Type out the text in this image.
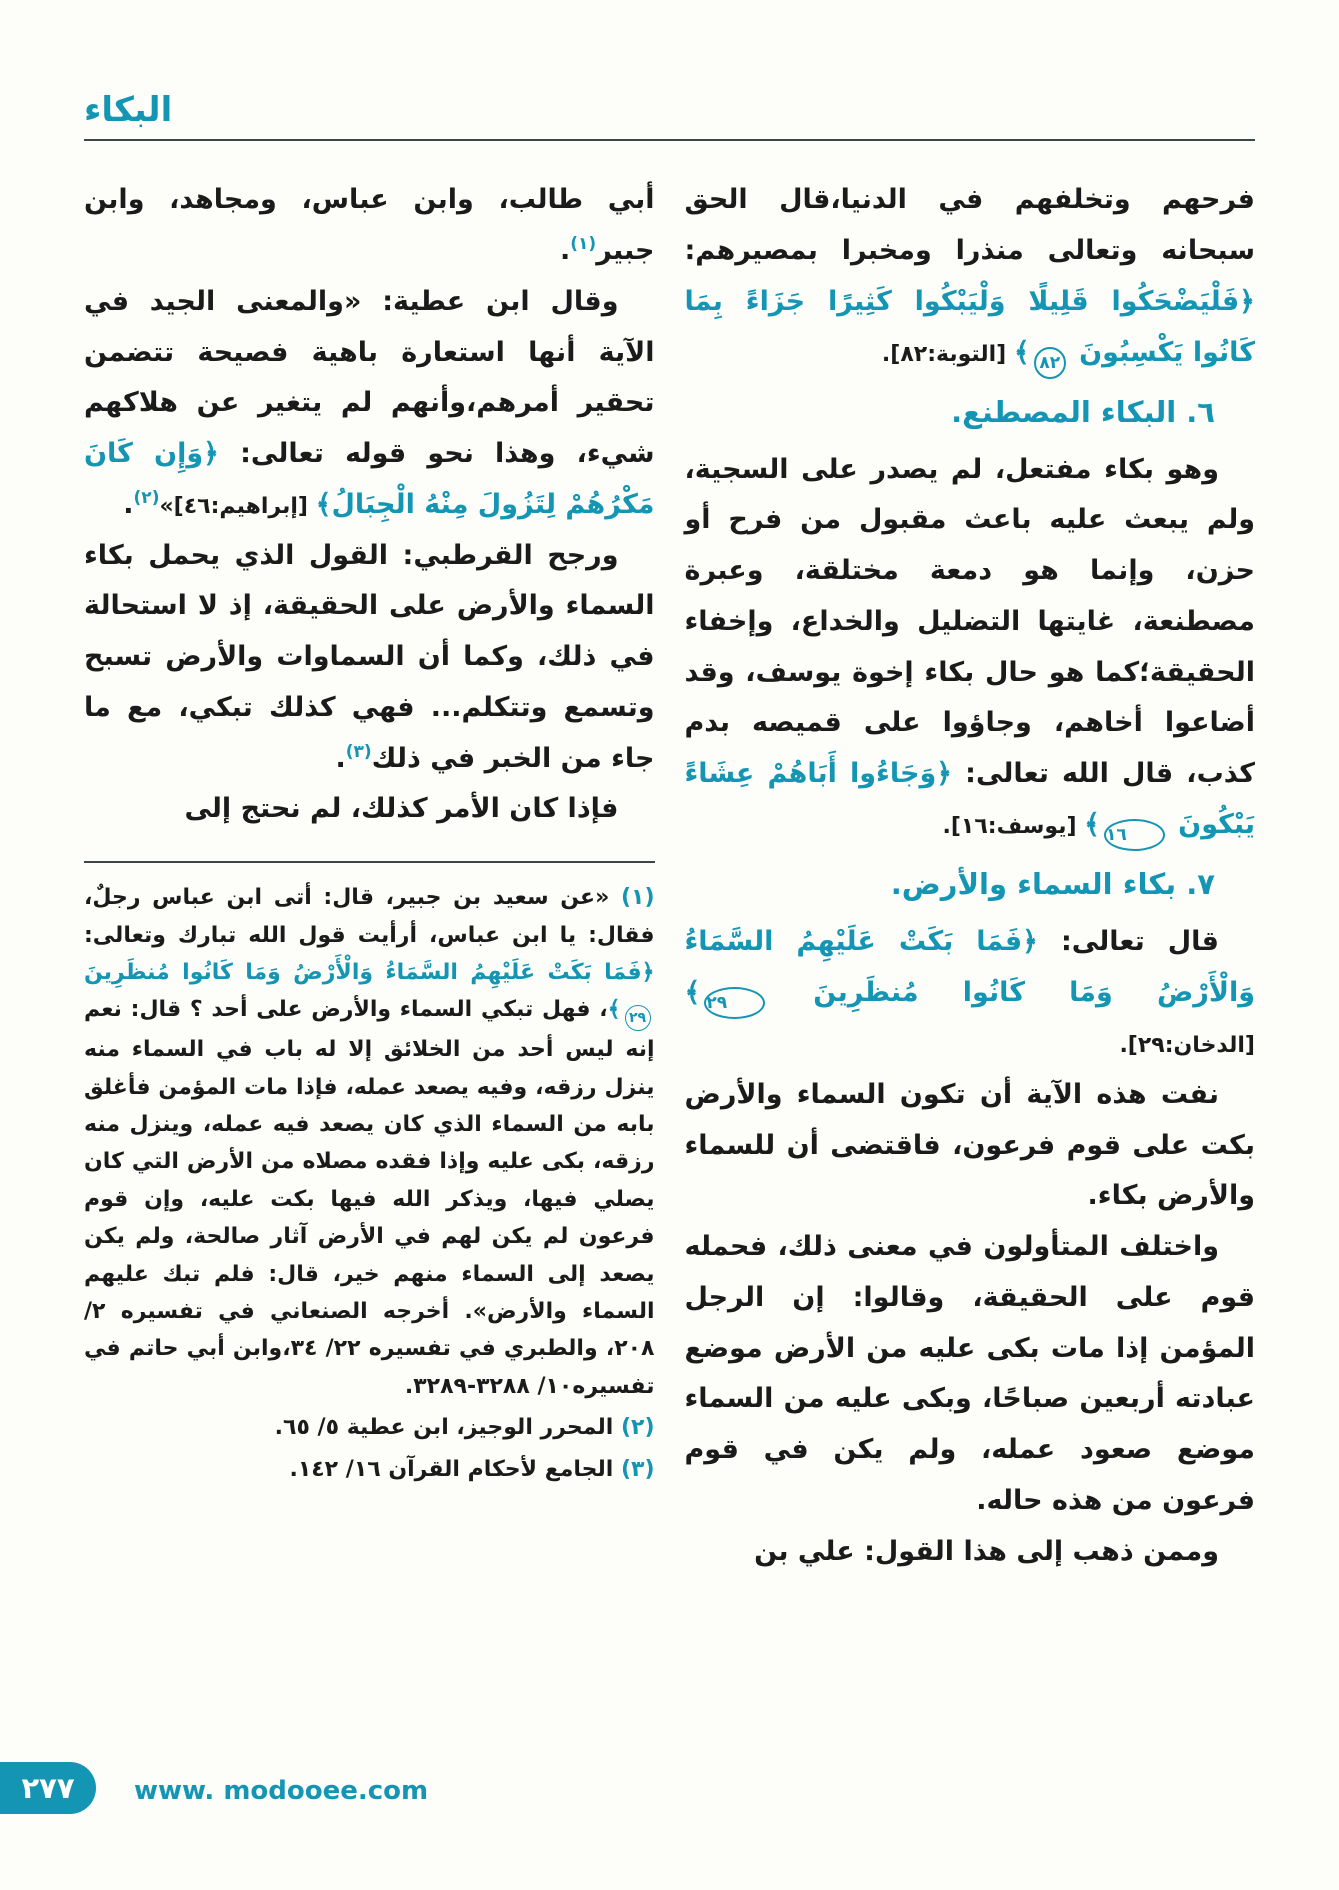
البكاء

فرحهم وتخلفهم في الدنيا،قال الحق سبحانه وتعالى منذرا ومخبرا بمصيرهم: ﴿فَلْيَضْحَكُوا قَلِيلًا وَلْيَبْكُوا كَثِيرًا جَزَاءً بِمَا كَانُوا يَكْسِبُونَ ٨٢﴾ [التوبة:٨٢].

٦. البكاء المصطنع.

وهو بكاء مفتعل، لم يصدر على السجية، ولم يبعث عليه باعث مقبول من فرح أو حزن، وإنما هو دمعة مختلقة، وعبرة مصطنعة، غايتها التضليل والخداع، وإخفاء الحقيقة؛كما هو حال بكاء إخوة يوسف، وقد أضاعوا أخاهم، وجاؤوا على قميصه بدم كذب، قال الله تعالى: ﴿وَجَاءُوا أَبَاهُمْ عِشَاءً يَبْكُونَ ١٦﴾ [يوسف:١٦].

٧. بكاء السماء والأرض.

قال تعالى: ﴿فَمَا بَكَتْ عَلَيْهِمُ السَّمَاءُ وَالْأَرْضُ وَمَا كَانُوا مُنظَرِينَ ٢٩﴾ [الدخان:٢٩].

نفت هذه الآية أن تكون السماء والأرض بكت على قوم فرعون، فاقتضى أن للسماء والأرض بكاء.

واختلف المتأولون في معنى ذلك، فحمله قوم على الحقيقة، وقالوا: إن الرجل المؤمن إذا مات بكى عليه من الأرض موضع عبادته أربعين صباحًا، وبكى عليه من السماء موضع صعود عمله، ولم يكن في قوم فرعون من هذه حاله.

وممن ذهب إلى هذا القول: علي بن

أبي طالب، وابن عباس، ومجاهد، وابن جبير$^{(١)}$.

وقال ابن عطية: «والمعنى الجيد في الآية أنها استعارة باهية فصيحة تتضمن تحقير أمرهم،وأنهم لم يتغير عن هلاكهم شيء، وهذا نحو قوله تعالى: ﴿وَإِن كَانَ مَكْرُهُمْ لِتَزُولَ مِنْهُ الْجِبَالُ﴾ [إبراهيم:٤٦]»$^{(٢)}$.

ورجح القرطبي: القول الذي يحمل بكاء السماء والأرض على الحقيقة، إذ لا استحالة في ذلك، وكما أن السماوات والأرض تسبح وتسمع وتتكلم... فهي كذلك تبكي، مع ما جاء من الخبر في ذلك$^{(٣)}$.

فإذا كان الأمر كذلك، لم نحتج إلى

(١) «عن سعيد بن جبير، قال: أتى ابن عباس رجلٌ، فقال: يا ابن عباس، أرأيت قول الله تبارك وتعالى: ﴿فَمَا بَكَتْ عَلَيْهِمُ السَّمَاءُ وَالْأَرْضُ وَمَا كَانُوا مُنظَرِينَ ٢٩﴾، فهل تبكي السماء والأرض على أحد ؟ قال: نعم إنه ليس أحد من الخلائق إلا له باب في السماء منه ينزل رزقه، وفيه يصعد عمله، فإذا مات المؤمن فأغلق بابه من السماء الذي كان يصعد فيه عمله، وينزل منه رزقه، بكى عليه وإذا فقده مصلاه من الأرض التي كان يصلي فيها، ويذكر الله فيها بكت عليه، وإن قوم فرعون لم يكن لهم في الأرض آثار صالحة، ولم يكن يصعد إلى السماء منهم خير، قال: فلم تبك عليهم السماء والأرض». أخرجه الصنعاني في تفسيره ٢/ ٢٠٨، والطبري في تفسيره ٢٢/ ٣٤،وابن أبي حاتم في تفسيره١٠/ ٣٢٨٨-٣٢٨٩.

(٢) المحرر الوجيز، ابن عطية ٥/ ٦٥.

(٣) الجامع لأحكام القرآن ١٦/ ١٤٢.

٢٧٧	www. modooee.com
